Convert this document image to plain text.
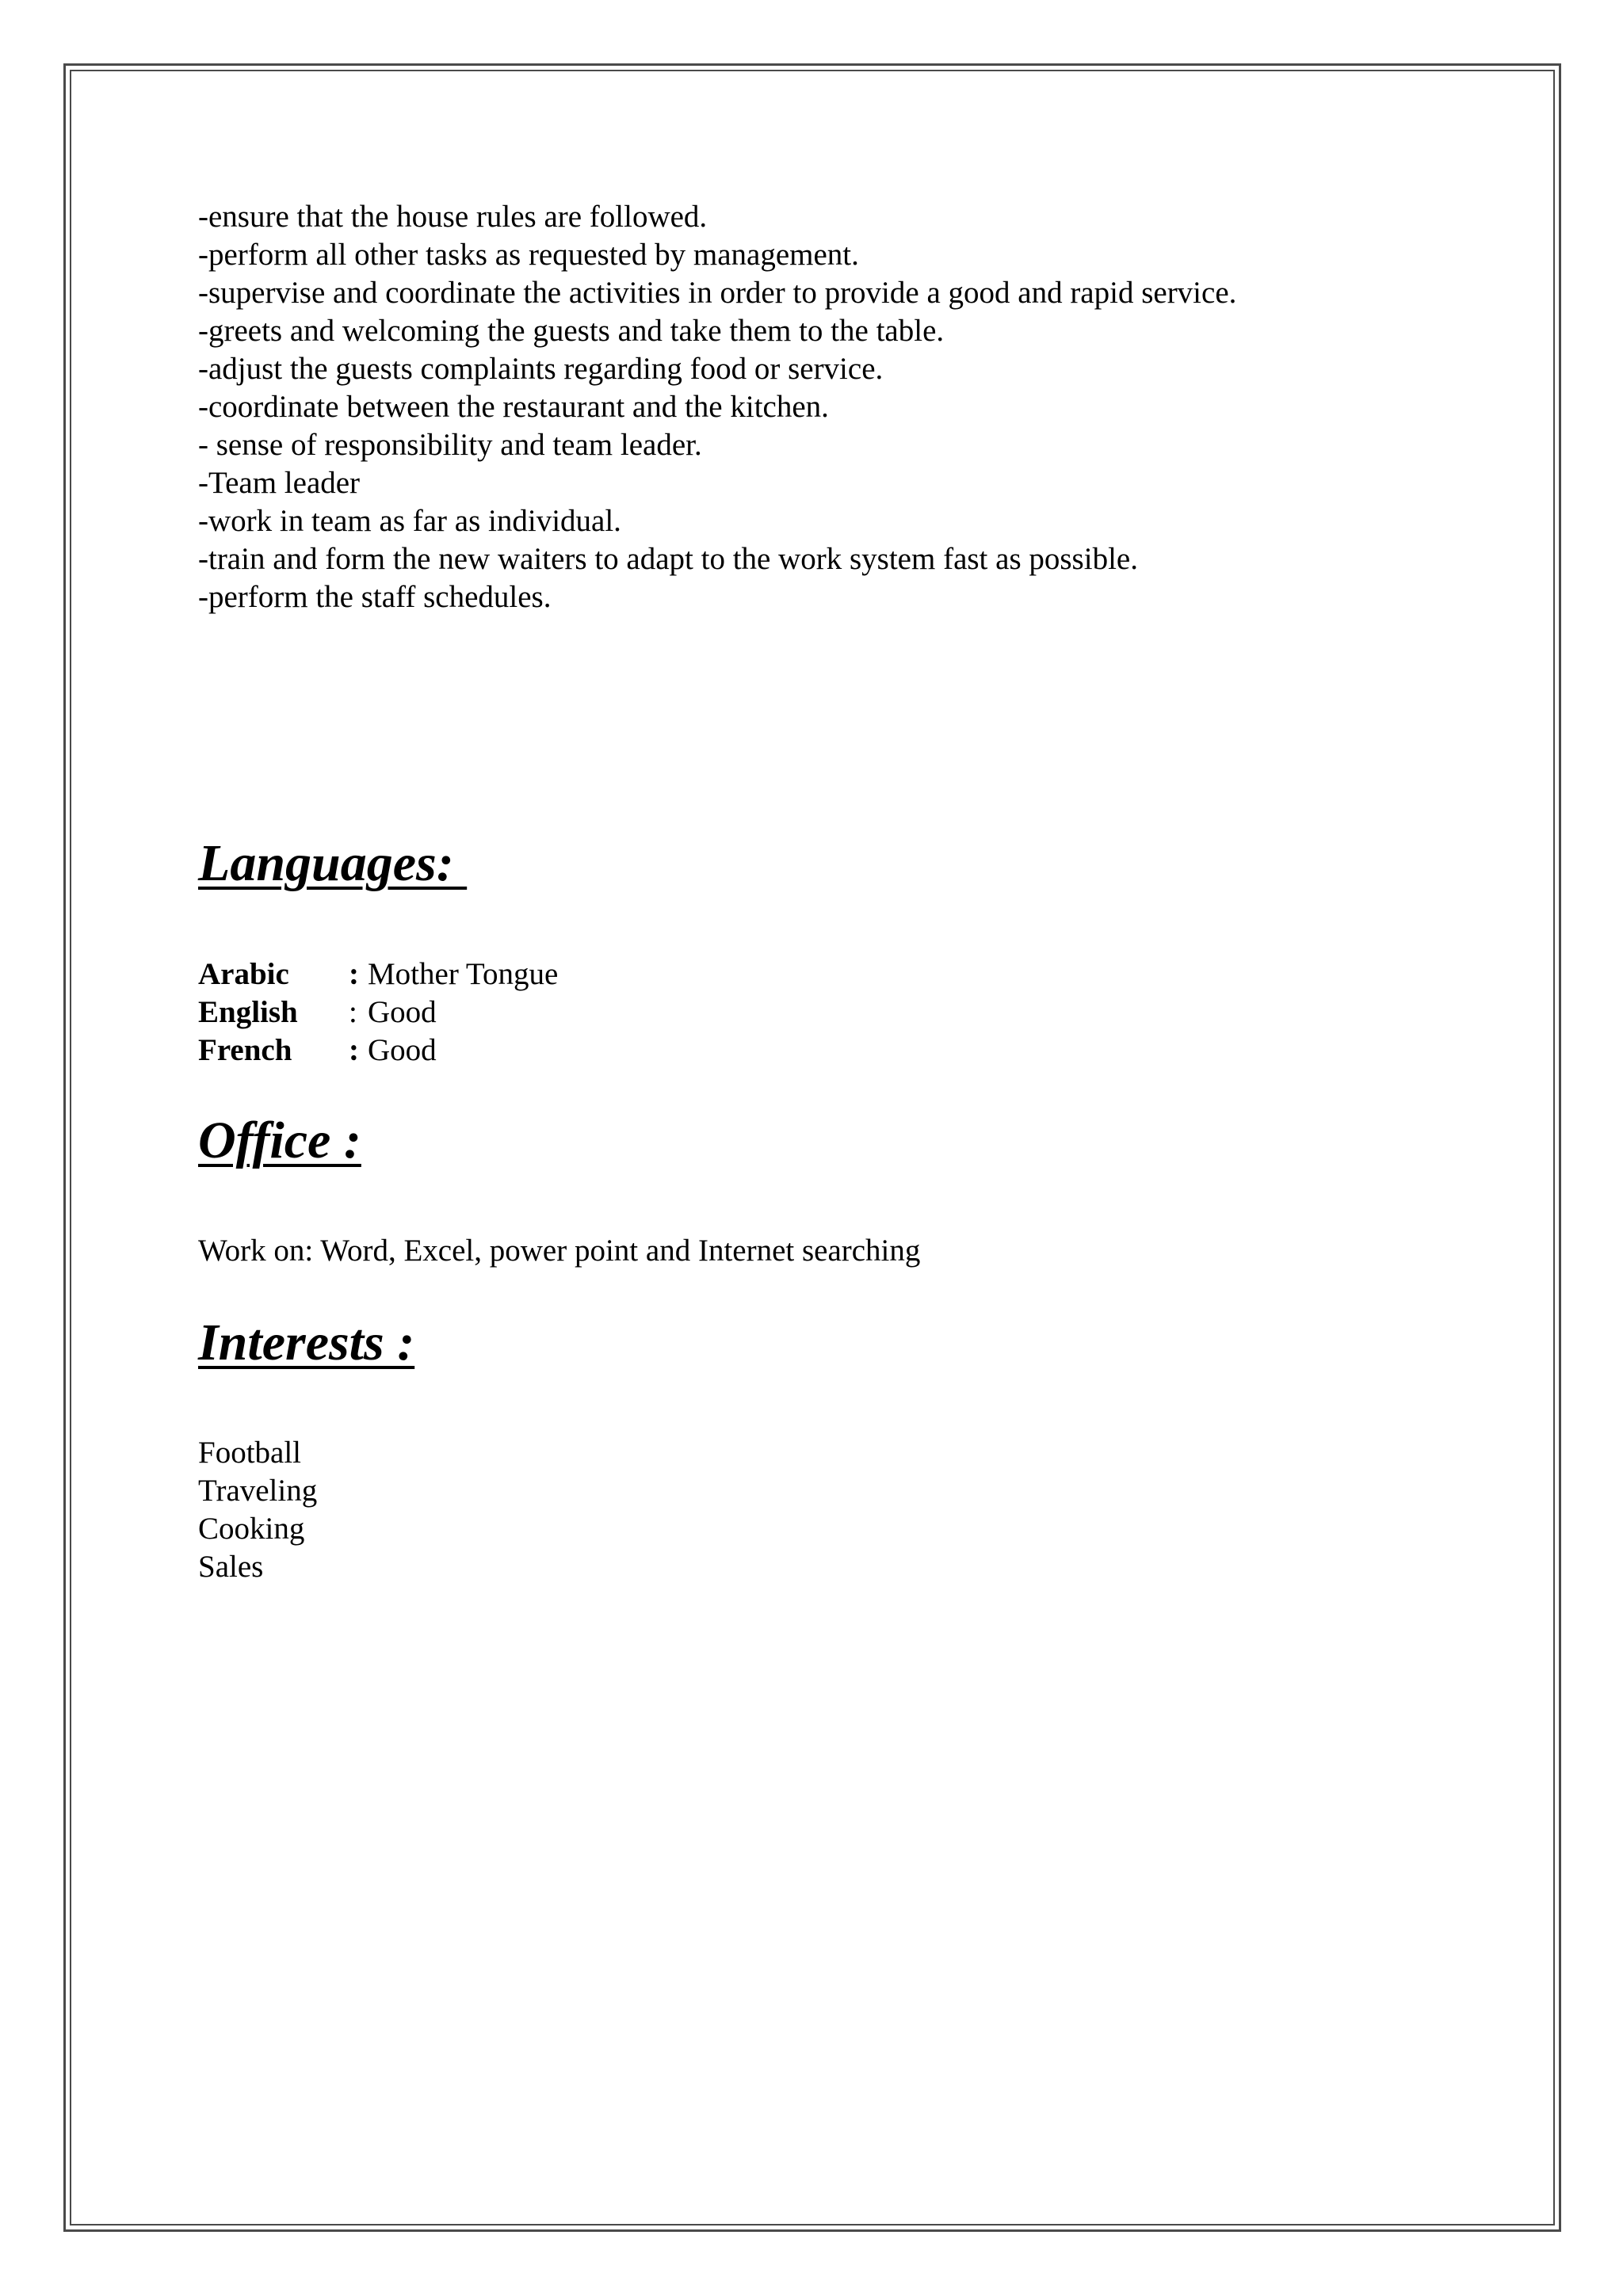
-ensure that the house rules are followed.
-perform all other tasks as requested by management.
-supervise and coordinate the activities in order to provide a good and rapid service.
-greets and welcoming the guests and take them to the table.
-adjust the guests complaints regarding food or service.
-coordinate between the restaurant and the kitchen.
- sense of responsibility and team leader.
-Team leader
-work in team as far as individual.
-train and form the new waiters to adapt to the work system fast as possible.
-perform the staff schedules.
Languages:
Arabic	:	Mother Tongue
English	:	Good
French	:	Good
Office :
Work on: Word, Excel, power point and Internet searching
Interests :
Football
Traveling
Cooking
Sales
